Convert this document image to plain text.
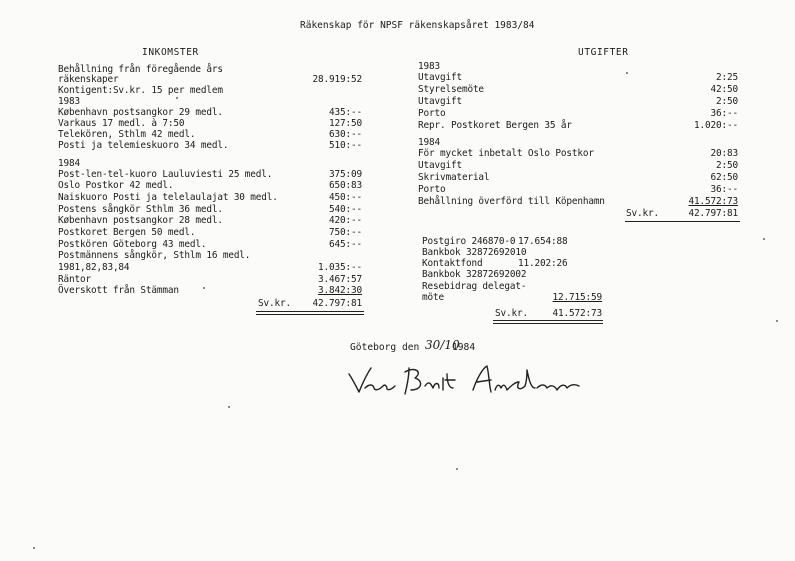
Räkenskap för NPSF räkenskapsåret 1983/84
INKOMSTER
Behållning från föregående års
räkenskaper	28.919:52
Kontigent:Sv.kr. 15 per medlem
1983
København postsangkor 29 medl.	435:--
Varkaus 17 medl. à 7:50	127:50
Telekören, Sthlm 42 medl.	630:--
Posti ja telemieskuoro 34 medl.	510:--
1984
Post-len-tel-kuoro Lauluviesti 25 medl.	375:09
Oslo Postkor 42 medl.	650:83
Naiskuoro Posti ja telelaulajat 30 medl.	450:--
Postens sångkör Sthlm 36 medl.	540:--
København postsangkor 28 medl.	420:--
Postkoret Bergen 50 medl.	750:--
Postkören Göteborg 43 medl.	645:--
Postmännens sångkör, Sthlm 16 medl.
1981,82,83,84	1.035:--
Räntor	3.467:57
Överskott från Stämman	3.842:30
Sv.kr.	42.797:81
UTGIFTER
1983
Utavgift	2:25
Styrelsemöte	42:50
Utavgift	2:50
Porto	36:--
Repr. Postkoret Bergen 35 år	1.020:--
1984
För mycket inbetalt Oslo Postkor	20:83
Utavgift	2:50
Skrivmaterial	62:50
Porto	36:--
Behållning överförd till Köpenhamn	41.572:73
Sv.kr.	42.797:81
Postgiro 246870-0 17.654:88
Bankbok 32872692010
Kontaktfond	11.202:26
Bankbok 32872692002
Resebidrag delegat-
möte	12.715:59
Sv.kr.	41.572:73
Göteborg den 30/10
1984
